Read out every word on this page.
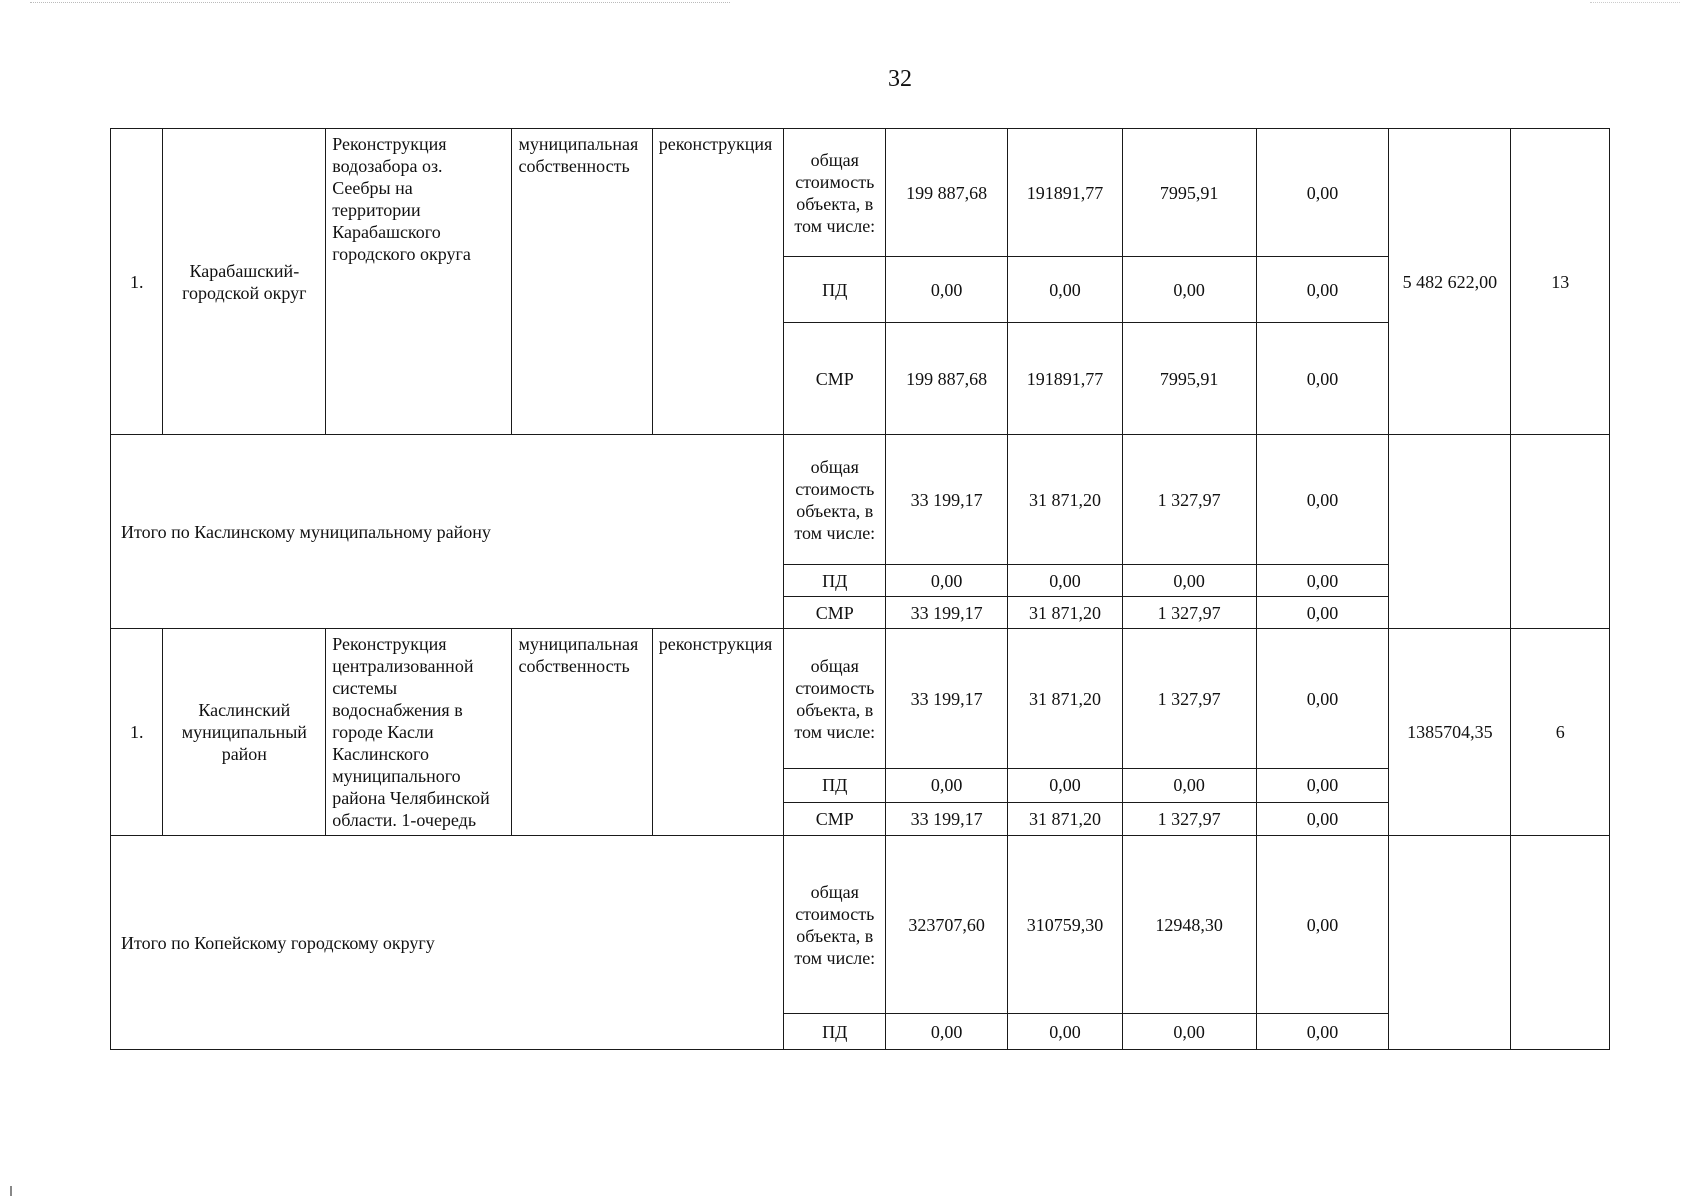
32
1.	Карабашский-городской округ	Реконструкция водозабора оз. Сеебры на территории Карабашского городского округа	муниципальная собственность	реконструкция	общая стоимость объекта, в том числе:	199 887,68	191891,77	7995,91	0,00	5 482 622,00	13
					ПД	0,00	0,00	0,00	0,00		
					СМР	199 887,68	191891,77	7995,91	0,00		
Итого по Каслинскому муниципальному району					общая стоимость объекта, в том числе:	33 199,17	31 871,20	1 327,97	0,00		
					ПД	0,00	0,00	0,00	0,00		
					СМР	33 199,17	31 871,20	1 327,97	0,00		
1.	Каслинский муниципальный район	Реконструкция централизованной системы водоснабжения в городе Касли Каслинского муниципального района Челябинской области. 1-очередь	муниципальная собственность	реконструкция	общая стоимость объекта, в том числе:	33 199,17	31 871,20	1 327,97	0,00	1385704,35	6
					ПД	0,00	0,00	0,00	0,00		
					СМР	33 199,17	31 871,20	1 327,97	0,00		
Итого по Копейскому городскому округу					общая стоимость объекта, в том числе:	323707,60	310759,30	12948,30	0,00		
					ПД	0,00	0,00	0,00	0,00		
